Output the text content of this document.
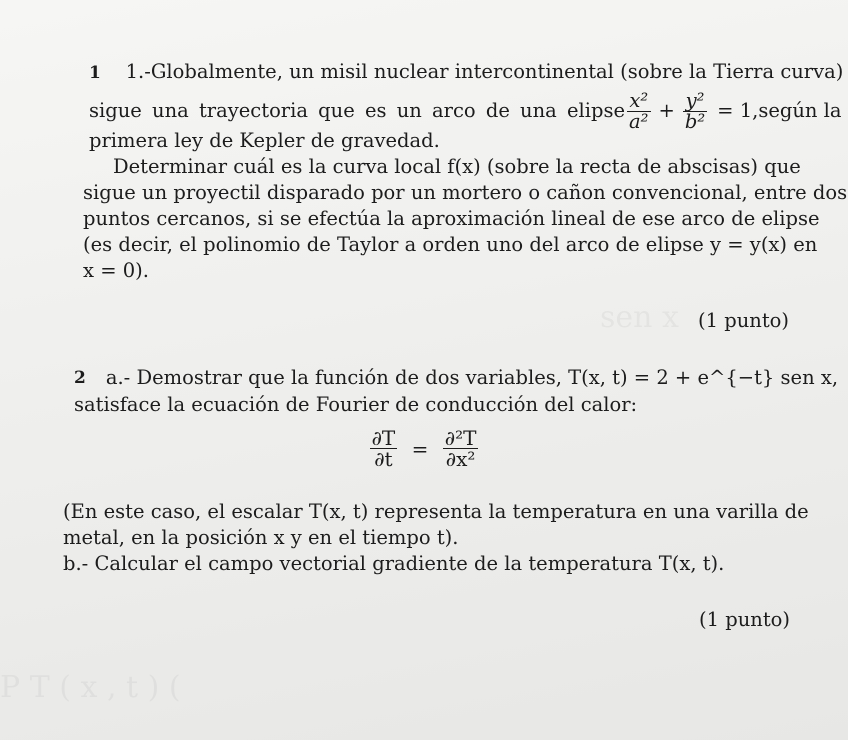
1 1.-Globalmente, un misil nuclear intercontinental (sobre la Tierra curva)
sigue una trayectoria que es un arco de una elipse $\frac{\text{x²}}{\text{a²}} + \frac{\text{y²}}{\text{b²}} = 1$, según la
primera ley de Kepler de gravedad.
Determinar cuál es la curva local f(x) (sobre la recta de abscisas) que
sigue un proyectil disparado por un mortero o cañon convencional, entre dos
puntos cercanos, si se efectúa la aproximación lineal de ese arco de elipse
(es decir, el polinomio de Taylor a orden uno del arco de elipse y = y(x) en
x = 0).
(1 punto)
2 a.- Demostrar que la función de dos variables, T(x, t) = 2 + e^{−t} sen x,
satisface la ecuación de Fourier de conducción del calor:
$\frac{\partial T}{\partial t} = \frac{\text{∂²T}}{\text{∂x²}}$
(En este caso, el escalar T(x, t) representa la temperatura en una varilla de
metal, en la posición x y en el tiempo t).
b.- Calcular el campo vectorial gradiente de la temperatura T(x, t).
(1 punto)
